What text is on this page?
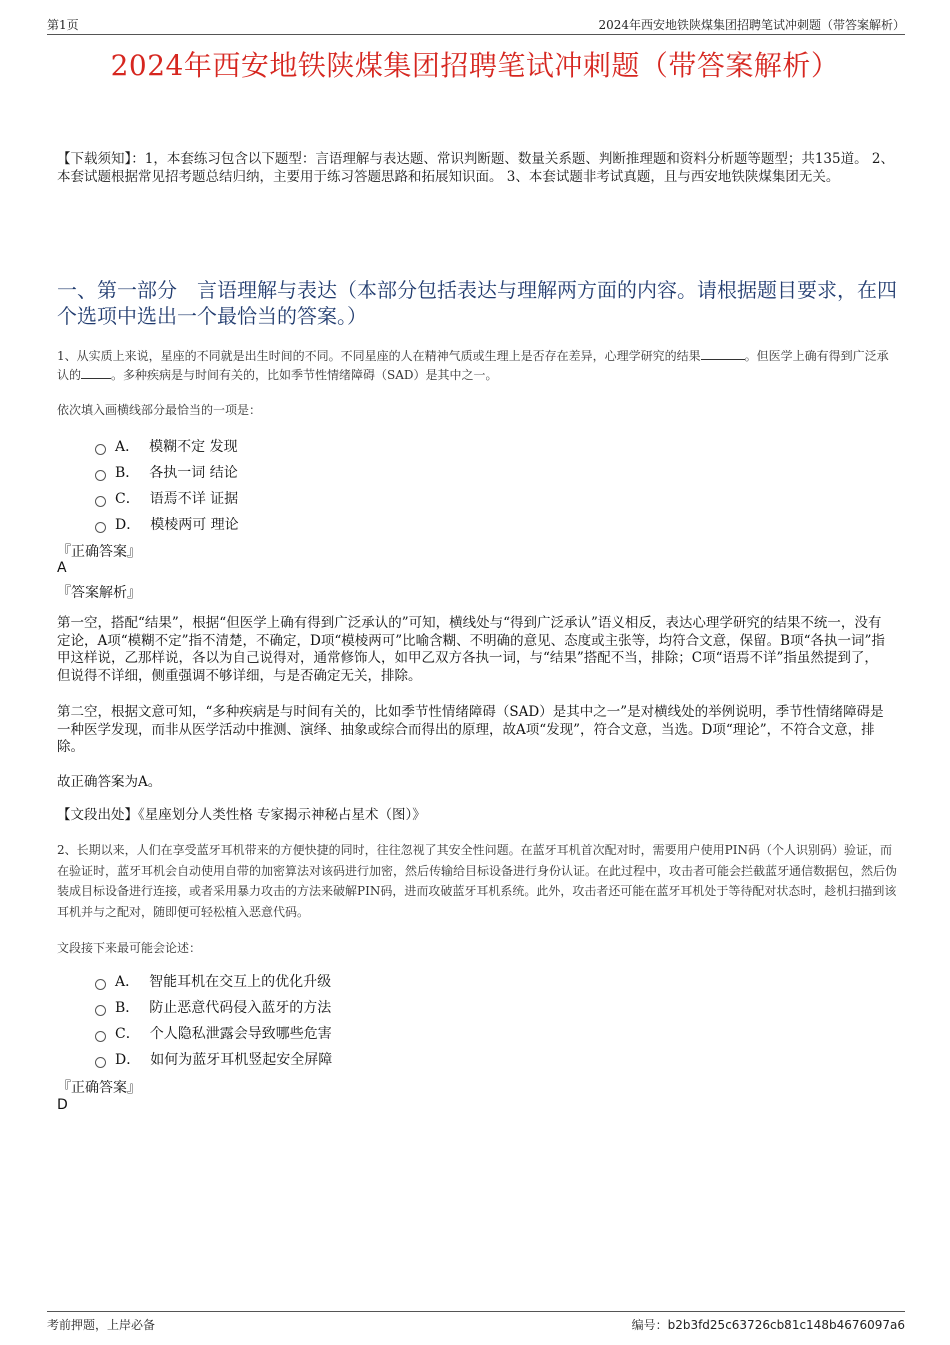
第1页	2024年西安地铁陕煤集团招聘笔试冲刺题（带答案解析）
2024年西安地铁陕煤集团招聘笔试冲刺题（带答案解析）
【下载须知】：1，本套练习包含以下题型：言语理解与表达题、常识判断题、数量关系题、判断推理题和资料分析题等题型；共135道。 2、本套试题根据常见招考题总结归纳，主要用于练习答题思路和拓展知识面。 3、本套试题非考试真题，且与西安地铁陕煤集团无关。
一、第一部分　言语理解与表达（本部分包括表达与理解两方面的内容。请根据题目要求，在四个选项中选出一个最恰当的答案。）
1、从实质上来说，星座的不同就是出生时间的不同。不同星座的人在精神气质或生理上是否存在差异，心理学研究的结果	。但医学上确有得到广泛承认的	。多种疾病是与时间有关的，比如季节性情绪障碍（SAD）是其中之一。
依次填入画横线部分最恰当的一项是：
A． 模糊不定 发现
B． 各执一词 结论
C． 语焉不详 证据
D． 模棱两可 理论
『正确答案』
A
『答案解析』
第一空，搭配“结果”，根据“但医学上确有得到广泛承认的”可知，横线处与“得到广泛承认”语义相反，表达心理学研究的结果不统一，没有定论，A项“模糊不定”指不清楚，不确定，D项“模棱两可”比喻含糊、不明确的意见、态度或主张等，均符合文意，保留。B项“各执一词”指甲这样说，乙那样说，各以为自己说得对，通常修饰人，如甲乙双方各执一词，与“结果”搭配不当，排除；C项“语焉不详”指虽然提到了，但说得不详细，侧重强调不够详细，与是否确定无关，排除。
第二空，根据文意可知，“多种疾病是与时间有关的，比如季节性情绪障碍（SAD）是其中之一”是对横线处的举例说明，季节性情绪障碍是一种医学发现，而非从医学活动中推测、演绎、抽象或综合而得出的原理，故A项“发现”，符合文意，当选。D项“理论”，不符合文意，排除。
故正确答案为A。
【文段出处】《星座划分人类性格 专家揭示神秘占星术（图）》
2、长期以来，人们在享受蓝牙耳机带来的方便快捷的同时，往往忽视了其安全性问题。在蓝牙耳机首次配对时，需要用户使用PIN码（个人识别码）验证，而在验证时，蓝牙耳机会自动使用自带的加密算法对该码进行加密，然后传输给目标设备进行身份认证。在此过程中，攻击者可能会拦截蓝牙通信数据包，然后伪装成目标设备进行连接，或者采用暴力攻击的方法来破解PIN码，进而攻破蓝牙耳机系统。此外，攻击者还可能在蓝牙耳机处于等待配对状态时，趁机扫描到该耳机并与之配对，随即便可轻松植入恶意代码。
文段接下来最可能会论述：
A． 智能耳机在交互上的优化升级
B． 防止恶意代码侵入蓝牙的方法
C． 个人隐私泄露会导致哪些危害
D． 如何为蓝牙耳机竖起安全屏障
『正确答案』
D
考前押题，上岸必备	编号：b2b3fd25c63726cb81c148b4676097a6
